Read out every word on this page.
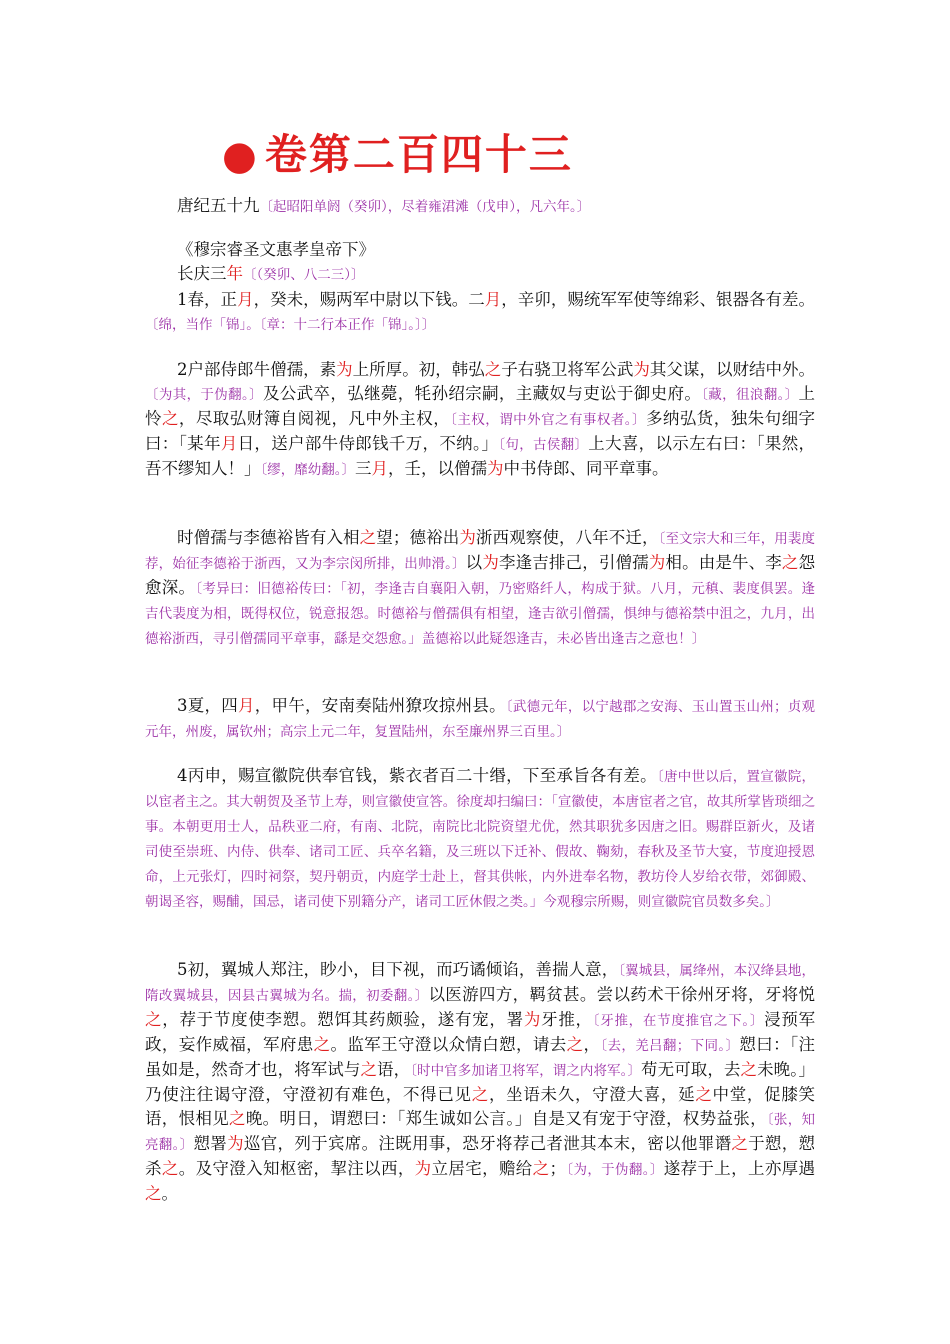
● 卷第二百四十三
唐纪五十九〔起昭阳单阏（癸卯），尽着雍涒滩（戊申），凡六年。〕
《穆宗睿圣文惠孝皇帝下》
长庆三年〔（癸卯、八二三）〕
1春，正月，癸未，赐两军中尉以下钱。二月，辛卯，赐统军军使等绵彩、银器各有差。〔绵，当作「锦」。〔章：十二行本正作「锦」。〕〕
2户部侍郎牛僧孺，素为上所厚。初，韩弘之子右骁卫将军公武为其父谋，以财结中外。〔为其，于伪翻。〕及公武卒，弘继薨，牦孙绍宗嗣，主藏奴与吏讼于御史府。〔藏，徂浪翻。〕上怜之，尽取弘财簿自阅视，凡中外主权，〔主权，谓中外官之有事权者。〕多纳弘货，独朱句细字曰：「某年月日，送户部牛侍郎钱千万，不纳。」〔句，古侯翻〕上大喜，以示左右曰：「果然，吾不缪知人！」〔缪，靡幼翻。〕三月，壬，以僧孺为中书侍郎、同平章事。
时僧孺与李德裕皆有入相之望；德裕出为浙西观察使，八年不迁，〔至文宗大和三年，用裴度荐，始征李德裕于浙西，又为李宗闵所排，出帅滑。〕以为李逢吉排己，引僧孺为相。由是牛、李之怨愈深。〔考异曰：旧德裕传曰：「初，李逢吉自襄阳入朝，乃密赂纤人，构成于狱。八月，元稹、裴度俱罢。逢吉代裴度为相，既得权位，锐意报怨。时德裕与僧孺俱有相望，逢吉欲引僧孺，惧绅与德裕禁中沮之，九月，出德裕浙西，寻引僧孺同平章事，繇是交怨愈。」盖德裕以此疑怨逢吉，未必皆出逢吉之意也！〕
3夏，四月，甲午，安南奏陆州獠攻掠州县。〔武德元年，以宁越郡之安海、玉山置玉山州；贞观元年，州废，属钦州；高宗上元二年，复置陆州，东至廉州界三百里。〕
4丙申，赐宣徽院供奉官钱，紫衣者百二十缗，下至承旨各有差。〔唐中世以后，置宣徽院，以宦者主之。其大朝贺及圣节上寿，则宣徽使宣答。徐度却扫编曰：「宣徽使，本唐宦者之官，故其所掌皆琐细之事。本朝更用士人，品秩亚二府，有南、北院，南院比北院资望尤优，然其职犹多因唐之旧。赐群臣新火，及诸司使至崇班、内侍、供奉、诸司工匠、兵卒名籍，及三班以下迁补、假故、鞠劾，春秋及圣节大宴，节度迎授恩命，上元张灯，四时祠祭，契丹朝贡，内庭学士赴上，督其供帐，内外进奉名物，教坊伶人岁给衣带，郊御殿、朝谒圣容，赐酺，国忌，诸司使下别籍分产，诸司工匠休假之类。」今观穆宗所赐，则宣徽院官员数多矣。〕
5初，翼城人郑注，眇小，目下视，而巧谲倾谄，善揣人意，〔翼城县，属绛州，本汉绛县地，隋改翼城县，因县古翼城为名。揣，初委翻。〕以医游四方，羁贫甚。尝以药术干徐州牙将，牙将悦之，荐于节度使李愬。愬饵其药颇验，遂有宠，署为牙推，〔牙推，在节度推官之下。〕浸预军政，妄作威福，军府患之。监军王守澄以众情白愬，请去之，〔去，羌吕翻；下同。〕愬曰：「注虽如是，然奇才也，将军试与之语，〔时中官多加诸卫将军，谓之内将军。〕苟无可取，去之未晚。」乃使注往谒守澄，守澄初有难色，不得已见之，坐语未久，守澄大喜，延之中堂，促膝笑语，恨相见之晚。明日，谓愬曰：「郑生诚如公言。」自是又有宠于守澄，权势益张，〔张，知亮翻。〕愬署为巡官，列于宾席。注既用事，恐牙将荐己者泄其本末，密以他罪谮之于愬，愬杀之。及守澄入知枢密，挈注以西，为立居宅，赡给之；〔为，于伪翻。〕遂荐于上，上亦厚遇之。
